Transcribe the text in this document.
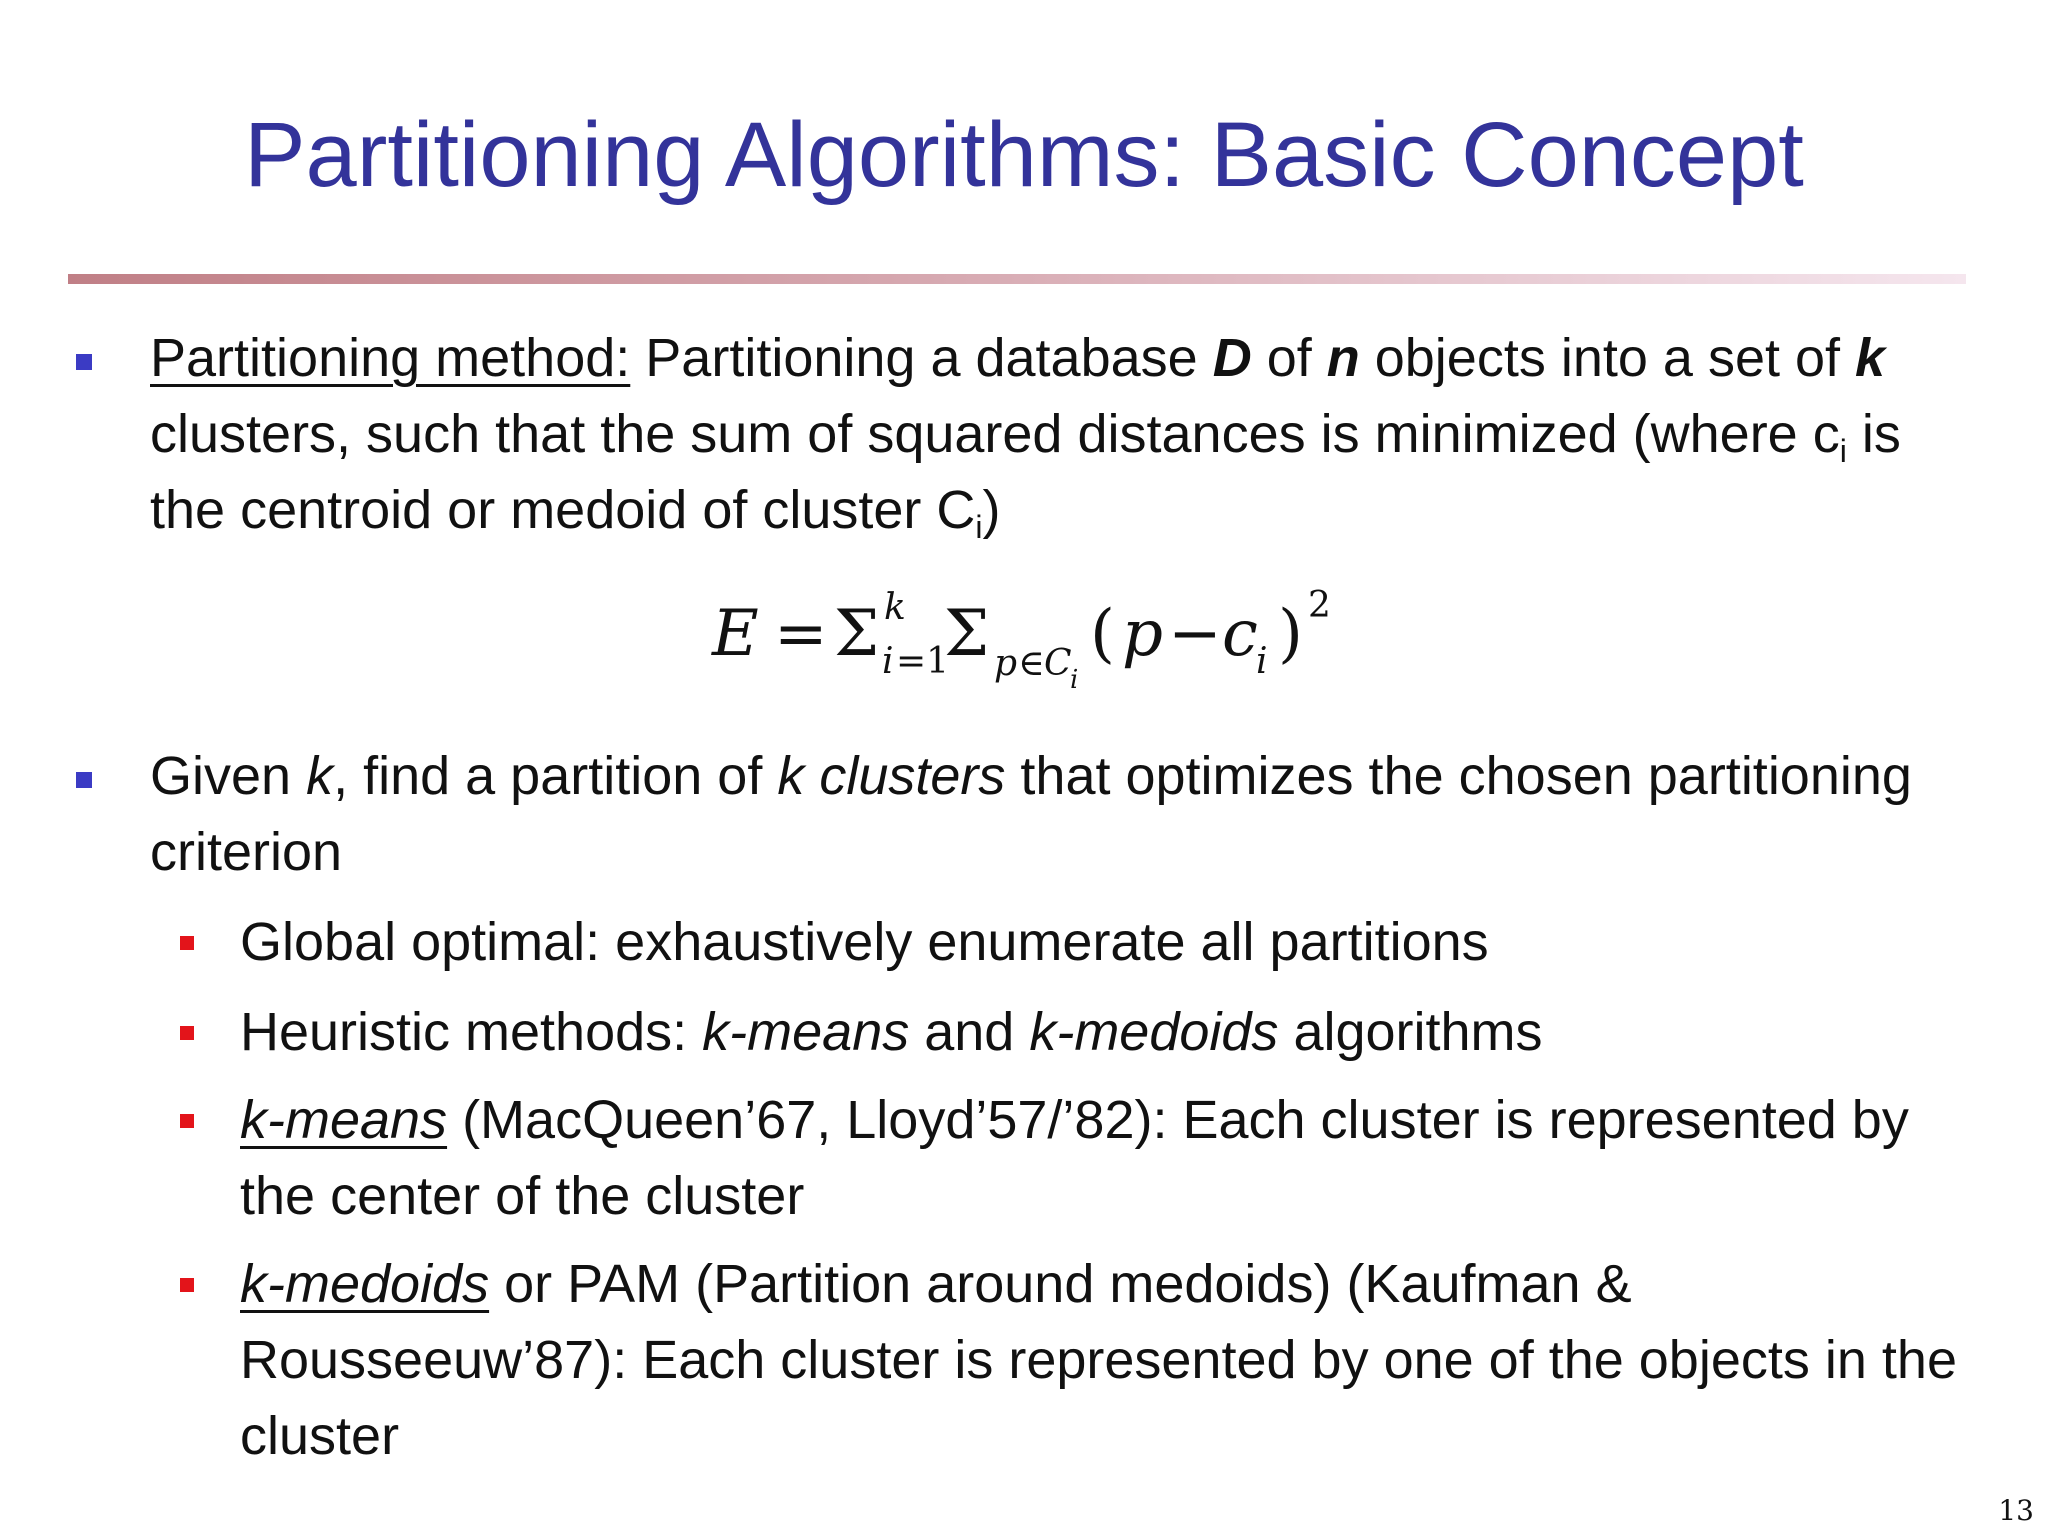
Partitioning Algorithms: Basic Concept
Partitioning method: Partitioning a database D of n objects into a set of k clusters, such that the sum of squared distances is minimized (where $c_i$ is the centroid or medoid of cluster $C_i$)
E = Σ k
i =1
Σ p ∈ C
i
( p − c
i ) 2
Given k, find a partition of k clusters that optimizes the chosen partitioning criterion
Global optimal: exhaustively enumerate all partitions
Heuristic methods: k-means and k-medoids algorithms
k-means (MacQueen’67, Lloyd’57/’82): Each cluster is represented by the center of the cluster
k-medoids or PAM (Partition around medoids) (Kaufman & Rousseeuw’87): Each cluster is represented by one of the objects in the cluster
13
